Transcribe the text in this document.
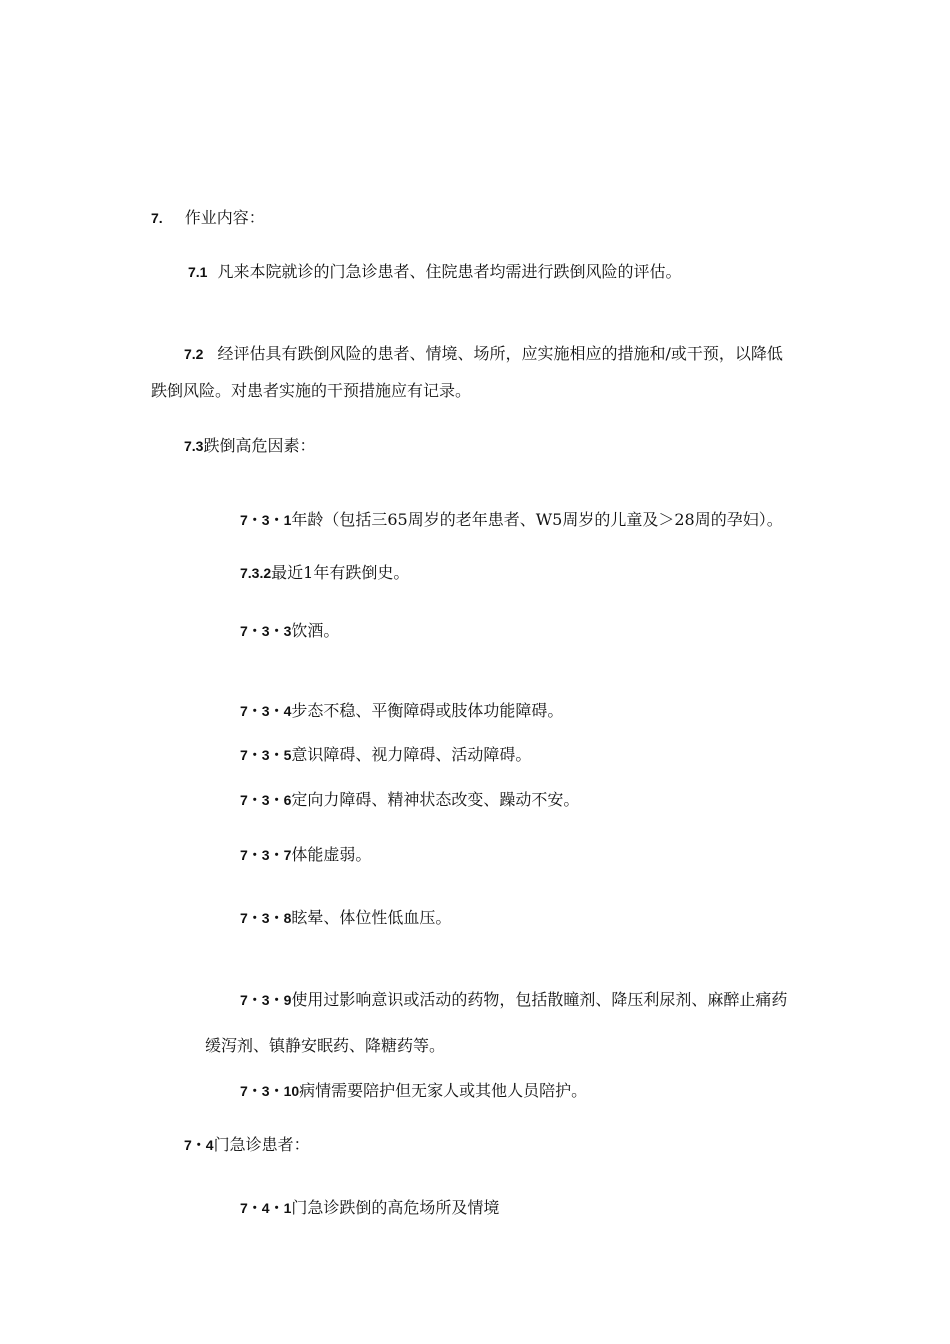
7. 作业内容：
7.1 凡来本院就诊的门急诊患者、住院患者均需进行跌倒风险的评估。
7.2 经评估具有跌倒风险的患者、情境、场所，应实施相应的措施和/或干预，以降低
跌倒风险。对患者实施的干预措施应有记录。
7.3跌倒高危因素：
7・3・1年龄（包括三65周岁的老年患者、W5周岁的儿童及＞28周的孕妇）。
7.3.2最近1年有跌倒史。
7・3・3饮酒。
7・3・4步态不稳、平衡障碍或肢体功能障碍。
7・3・5意识障碍、视力障碍、活动障碍。
7・3・6定向力障碍、精神状态改变、躁动不安。
7・3・7体能虚弱。
7・3・8眩晕、体位性低血压。
7・3・9使用过影响意识或活动的药物，包括散瞳剂、降压利尿剂、麻醉止痛药
缓泻剂、镇静安眠药、降糖药等。
7・3・10病情需要陪护但无家人或其他人员陪护。
7・4门急诊患者：
7・4・1门急诊跌倒的高危场所及情境
